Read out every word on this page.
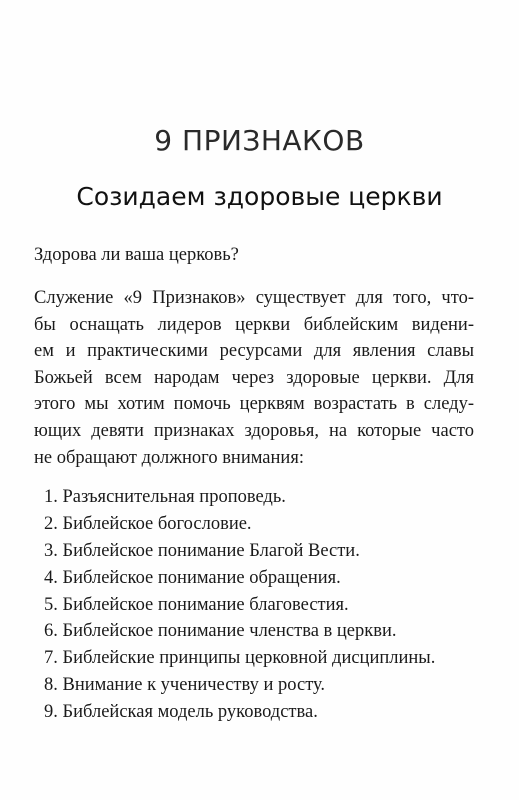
9 ПРИЗНАКОВ
Созидаем здоровые церкви
Здорова ли ваша церковь?
Служение «9 Признаков» существует для того, что-
бы оснащать лидеров церкви библейским видени-
ем и практическими ресурсами для явления славы
Божьей всем народам через здоровые церкви. Для
этого мы хотим помочь церквям возрастать в следу-
ющих девяти признаках здоровья, на которые часто
не обращают должного внимания:
1. Разъяснительная проповедь.
2. Библейское богословие.
3. Библейское понимание Благой Вести.
4. Библейское понимание обращения.
5. Библейское понимание благовестия.
6. Библейское понимание членства в церкви.
7. Библейские принципы церковной дисциплины.
8. Внимание к ученичеству и росту.
9. Библейская модель руководства.
